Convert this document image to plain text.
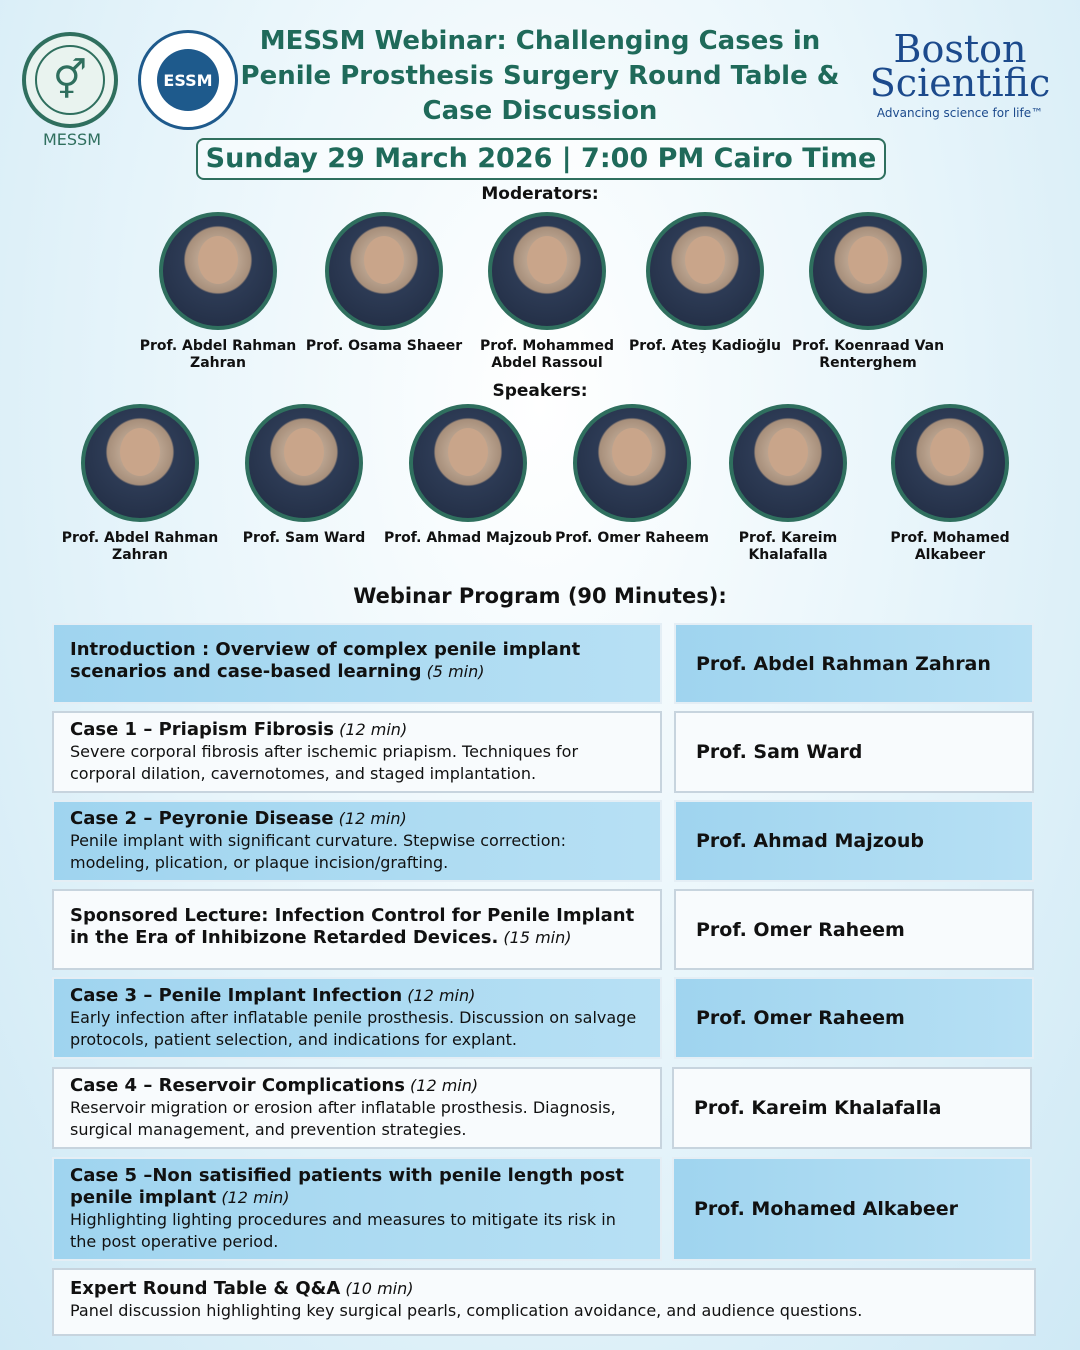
⚥
MESSM
ESSM
MESSM Webinar: Challenging Cases in Penile Prosthesis Surgery Round Table & Case Discussion
Boston
Scientific
Advancing science for life™
Sunday 29 March 2026 | 7:00 PM Cairo Time
Moderators:
Prof. Abdel Rahman Zahran
Prof. Osama Shaeer	Prof. Mohammed Abdel Rassoul
Prof. Ateş Kadioğlu Prof. Koenraad Van Renterghem
Speakers:
Prof. Abdel Rahman Zahran
Prof. Sam Ward	Prof. Ahmad Majzoub Prof. Omer Raheem	Prof. Kareim Khalafalla
Prof. Mohamed Alkabeer
Webinar Program (90 Minutes):
Introduction : Overview of complex penile implant scenarios and case-based learning (5 min)	Prof. Abdel Rahman Zahran
Case 1 – Priapism Fibrosis (12 min)
Severe corporal fibrosis after ischemic priapism. Techniques for corporal dilation, cavernotomes, and staged implantation.
Prof. Sam Ward
Case 2 – Peyronie Disease (12 min)
Penile implant with significant curvature. Stepwise correction: modeling, plication, or plaque incision/grafting.
Prof. Ahmad Majzoub
Sponsored Lecture: Infection Control for Penile Implant in the Era of Inhibizone Retarded Devices. (15 min)	Prof. Omer Raheem
Case 3 – Penile Implant Infection (12 min)
Early infection after inflatable penile prosthesis. Discussion on salvage protocols, patient selection, and indications for explant.
Prof. Omer Raheem
Case 4 – Reservoir Complications (12 min)
Reservoir migration or erosion after inflatable prosthesis. Diagnosis, surgical management, and prevention strategies.
Prof. Kareim Khalafalla
Case 5 –Non satisified patients with penile length post penile implant (12 min)
Highlighting lighting procedures and measures to mitigate its risk in the post operative period.
Prof. Mohamed Alkabeer
Expert Round Table & Q&A (10 min)
Panel discussion highlighting key surgical pearls, complication avoidance, and audience questions.
